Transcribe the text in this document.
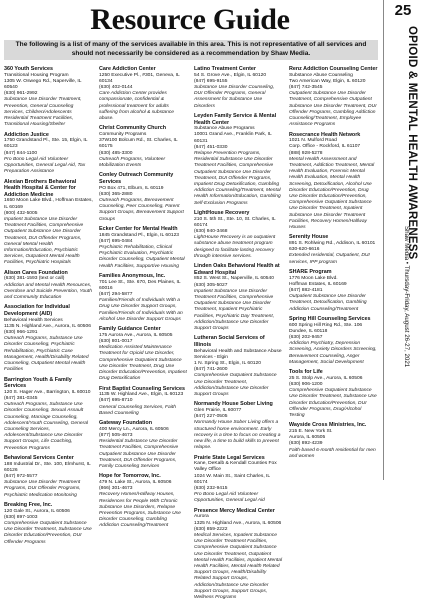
Resource Guide
The following is a list of many of the services available in this area. This is not representative of all services and should not necessarily be considered as a recommendation by Shaw Media.
360 Youth Services
Transitional Housing Program
1305 W. Oswego Rd., Naperville, IL 60540
(630) 961-2992
Substance Use Disorder Treatment, Prevention, General Counseling Services, Children/Adolescents Residential Treatment Facilities, Transitional Housing/Shelter
Addiction Justice
1750 Grandstand Pl., Ste. 15, Elgin, IL 60123
(847) 844-1100
Pro Bono Legal Aid Volunteer Opportunities, General Legal Aid, Tax Preparation Assistance
Alexian Brothers Behavioral Health Hospital & Center for Addiction Medicine
1650 Moon Lake Blvd., Hoffman Estates, IL 60169
(800) 432-5005
Inpatient Substance Use Disorder Treatment Facilities, Comprehensive Outpatient Substance Use Disorder Treatment, DUI Offender Programs, General Mental Health Information/Education, Psychiatric Services, Outpatient Mental Health Facilities, Psychiatric Hospitals
Alison Cares Foundation
(630) 381-1593 (text or call)
Addiction and Mental Health Resources, Overdose and Suicide Prevention, Youth and Community Education
Association for Individual Development (AID)
Behavioral Health Services
1135 N. Highland Ave., Aurora, IL 60506
(630) 966-1291
Outreach Programs, Substance Use Disorder Counseling, Psychiatric Rehabilitation, Psychiatric Case Management, Health/Disability Related Counseling, Outpatient Mental Health Facilities
Barrington Youth & Family Services
120 S. Hager Ave., Barrington, IL 60010
(847) 381-0345
Outreach Programs, Substance Use Disorder Counseling, Sexual Assault Counseling, Marriage Counseling, Adolescent/Youth Counseling, General Counseling Services, Adolescent/Substance Use Disorder Support Groups, Life Coaching, Prevention Programs
Behavioral Services Center
188 Industrial Dr., Ste. 100, Elmhurst, IL 60126
(847) 972-5577
Substance Use Disorder Treatment Programs, DUI Offender Programs, Psychiatric Medication Monitoring
Breaking Free, Inc.
120 Gale St., Aurora, IL 60506
(630) 897-1003
Comprehensive Outpatient Substance Use Disorder Treatment, Substance Use Disorder Education/Prevention, DUI Offender Programs
Care Addiction Center
1250 Executive Pl., #301, Geneva, IL 60134
(630) 402-0144
Care Addiction Center provides compassionate, confidential & professional treatment for adults suffering from alcohol & substance abuse.
Christ Community Church
Community Programs
37W100 Bolcum Rd., St. Charles, IL 60175
(630) 485-3300
Outreach Programs, Volunteer Mobilization Events
Conley Outreach Community Services
PO Box 471, Elburn, IL 60119
(630) 365-2880
Outreach Programs, Bereavement Counseling, Peer Counseling, Parent Support Groups, Bereavement Support Groups
Ecker Center for Mental Health
1845 Grandstand Pl., Elgin, IL 60123
(847) 695-0484
Psychiatric Rehabilitation, Clinical Psychiatric Evaluation, Psychiatric Disorder Counseling, Outpatient Mental Health Facilities, Supportive Housing
Families Anonymous, Inc.
701 Lee St., Ste. 670, Des Plaines, IL 60016
(847) 294-5877
Families/Friends of Individuals With a Drug Use Disorder Support Groups, Families/Friends of Individuals With an Alcohol Use Disorder Support Groups
Family Guidance Center
175 Aurora Ave., Aurora, IL 60505
(630) 801-0017
Medication Assisted Maintenance Treatment for Opioid Use Disorder, Comprehensive Outpatient Substance Use Disorder Treatment, Drug Use Disorder Education/Prevention, Inpatient Drug Detoxification
First Baptist Counseling Services
1135 W. Highland Ave., Elgin, IL 60123
(847) 695-8710
General Counseling Services, Faith Based Counseling
Gateway Foundation
400 Mercy Ln., Aurora, IL 60506
(877) 505-4673
Residential Substance Use Disorder Treatment Facilities, Comprehensive Outpatient Substance Use Disorder Treatment, DUI Offender Programs, Family Counseling Services
Hope for Tomorrow, Inc.
479 N. Lake St., Aurora, IL 60506
(866) 301-4673
Recovery Homes/Halfway Houses, Residences for People With Chronic Substance Use Disorders, Relapse Prevention Programs, Substance Use Disorder Counseling, Gambling Addiction Counseling/Treatment
Latino Treatment Center
54 S. Grove Ave., Elgin, IL 60120
(847) 695-9155
Substance Use Disorder Counseling, DUI Offender Programs, General Assessment for Substance Use Disorders
Leyden Family Service & Mental Health Center
Substance Abuse Programs
10001 Grand Ave., Franklin Park, IL 60131
(847) 451-0330
Relapse Prevention Programs, Residential Substance Use Disorder Treatment Facilities, Comprehensive Outpatient Substance Use Disorder Treatment, DUI Offender Programs, Inpatient Drug Detoxification, Gambling Addiction Counseling/Treatment, Mental Health Information/Education, Gambling Self-Exclusion Programs
LightHouse Recovery
210 S. 5th St., Ste. 10, St. Charles, IL 60174
(630) 940-3468
LightHouse Recovery is an outpatient substance abuse treatment program designed to facilitate lasting recovery through intensive services.
Linden Oaks Behavioral Health at Edward Hospital
852 S. West St., Naperville, IL 60540
(630) 305-5027
Inpatient Substance Use Disorder Treatment Facilities, Comprehensive Outpatient Substance Use Disorder Treatment, Inpatient Psychiatric Facilities, Psychiatric Day Treatment, Addiction/Substance Use Disorder Support Groups
Lutheran Social Services of Illinois
Behavioral Health and Substance Abuse Services - Elgin
1 N. Spring St., Elgin, IL 60120
(847) 741-2600
Comprehensive Outpatient Substance Use Disorder Treatment, Addiction/Substance Use Disorder Support Groups
Normandy House Sober Living
Glen Prairie, IL 60077
(847) 227-0505
Normandy House Sober Living offers a structured home environment. Early recovery is a time to focus on creating a new life, a time to build skills to prevent relapse.
Prairie State Legal Services
Kane, DeKalb & Kendall Counties Fox Valley Office
1024 W. Main St., Saint Charles, IL 60174
(630) 232-9415
Pro Bono Legal Aid Volunteer Opportunities, General Legal Aid
Presence Mercy Medical Center
Aurora
1325 N. Highland Ave., Aurora, IL 60506
(630) 859-2222
Medical Services, Inpatient Substance Use Disorder Treatment Facilities, Comprehensive Outpatient Substance Use Disorder Treatment, Outpatient Mental Health Facilities, Inpatient Mental Health Facilities, Mental Health Related Support Groups, Health/Disability Related Support Groups, Addiction/Substance Use Disorder Support Groups, Support Groups, Wellness Programs
Renz Addiction Counseling Center
Substance Abuse Counseling
Two American Way, Elgin, IL 60120
(847) 742-3545
Outpatient Substance Use Disorder Treatment, Comprehensive Outpatient Substance Use Disorder Treatment, DUI Offender Programs, Gambling Addiction Counseling/Treatment, Employee Assistance Programs
Rosecrance Health Network
1021 N. Mulford Road
Corp. Office - Rockford, IL 61107
(888) 928-5278
Mental Health Assessment and Treatment, Addiction Treatment, Mental Health Evaluation, Forensic Mental Health Evaluation, Mental Health Screening, Detoxification, Alcohol Use Disorder Education/Prevention, Drug Use Disorder Education/Prevention, Comprehensive Outpatient Substance Use Disorder Treatment, Inpatient Substance Use Disorder Treatment Facilities, Recovery Homes/Halfway Houses
Serenity House
891 S. Rohlwing Rd., Addison, IL 60101
630-620-6616
Extended residential, Outpatient, DUI services, IPP program
SHARE Program
1776 Moon Lake Blvd.
Hoffman Estates, IL 60169
(847) 882-4181
Outpatient Substance Use Disorder Treatment, Detoxification, Gambling Addiction Counseling/Treatment
Spring Hill Counseling Services
600 Spring Hill Ring Rd., Ste. 106
Dundee, IL 60118
(630) 202-9457
Addiction Psychiatry, Depression Screening, Anxiety Disorders Screening, Bereavement Counseling, Anger Management, Social Development
Tools for Life
25 S. Stolp Ave., Aurora, IL 60506
(630) 906-1200
Comprehensive Outpatient Substance Use Disorder Treatment, Substance Use Disorder Education/Prevention, DUI Offender Programs, Drug/Alcohol Testing
Wayside Cross Ministries, Inc.
215 E. New York St.
Aurora, IL 60505
(630) 892-4239
Faith-based 6-month residential for men and women
25
OPIOID & MENTAL HEALTH AWARENESS
Shaw Media • Thursday-Friday, August 26-27, 2021
